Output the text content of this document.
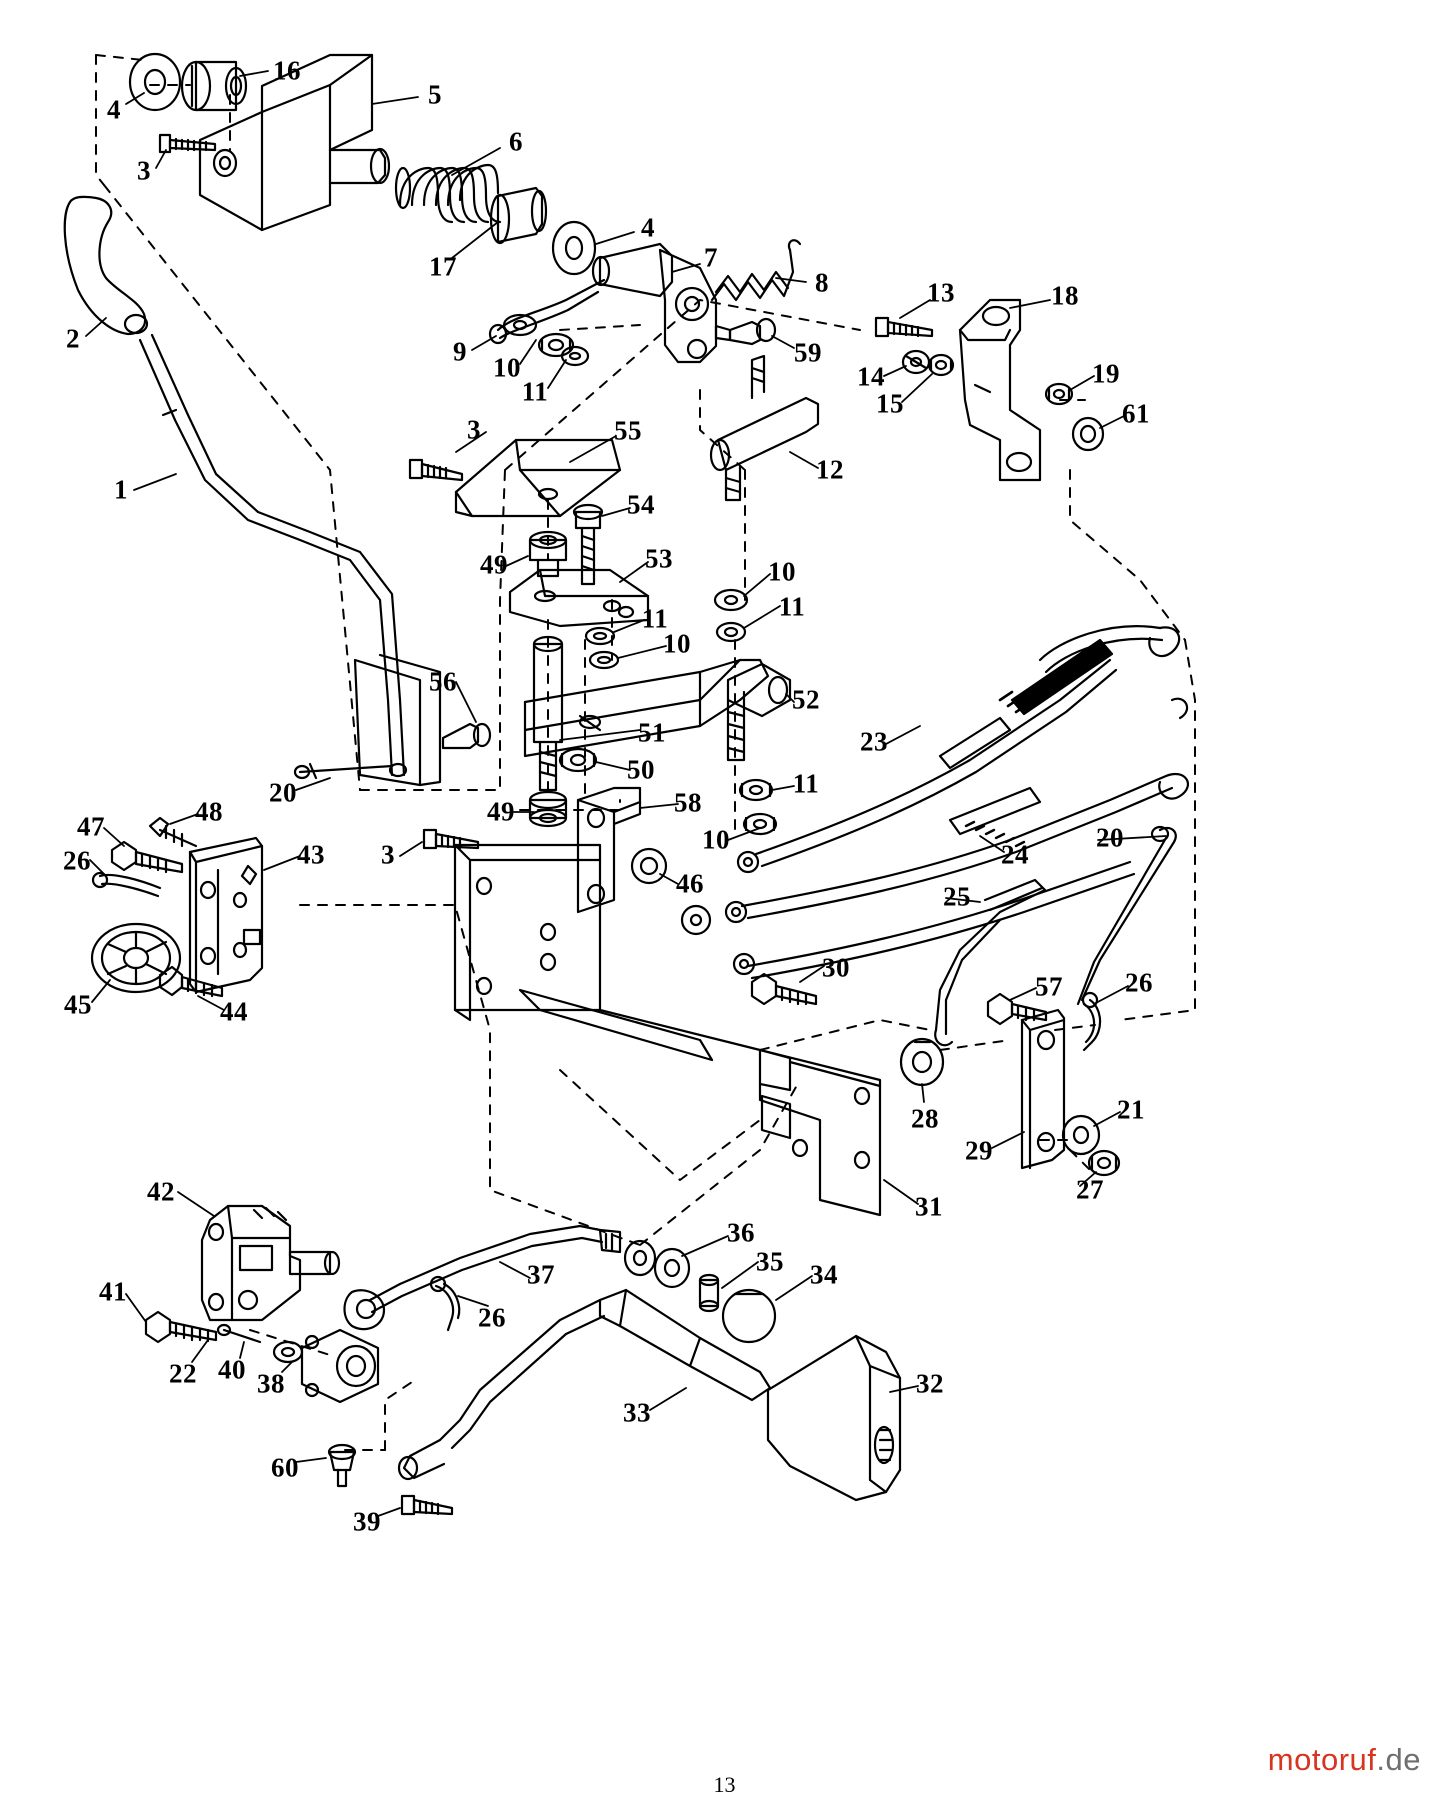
16
4	5
3
6
4
7
8
17
2	9
10
11
59
13	18
14
15
19
61
3	55
12
54
1
49	53	10
11
11
10
51
52
23
56
50
20	11
49	58
10	24
20
47	48
26	43 3
46	25
45	44
30
57 26
28
29
21
27
31
42
36
35 34
37
41
26
22 40 38	32
33
60
39
motoruf.de
13
